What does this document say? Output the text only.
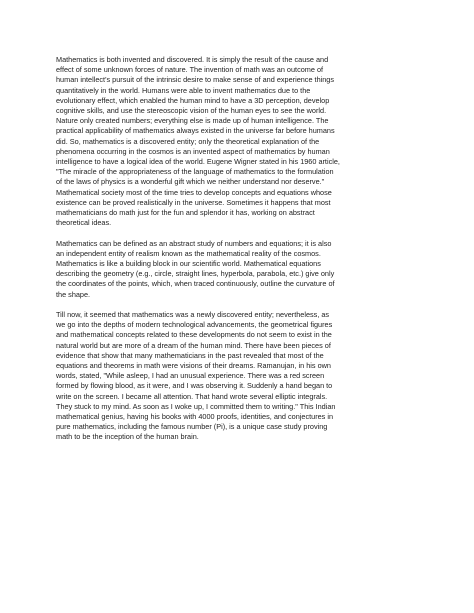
Mathematics is both invented and discovered. It is simply the result of the cause and
effect of some unknown forces of nature. The invention of math was an outcome of
human intellect's pursuit of the intrinsic desire to make sense of and experience things
quantitatively in the world. Humans were able to invent mathematics due to the
evolutionary effect, which enabled the human mind to have a 3D perception, develop
cognitive skills, and use the stereoscopic vision of the human eyes to see the world.
Nature only created numbers; everything else is made up of human intelligence. The
practical applicability of mathematics always existed in the universe far before humans
did. So, mathematics is a discovered entity; only the theoretical explanation of the
phenomena occurring in the cosmos is an invented aspect of mathematics by human
intelligence to have a logical idea of the world. Eugene Wigner stated in his 1960 article,
"The miracle of the appropriateness of the language of mathematics to the formulation
of the laws of physics is a wonderful gift which we neither understand nor deserve."
Mathematical society most of the time tries to develop concepts and equations whose
existence can be proved realistically in the universe. Sometimes it happens that most
mathematicians do math just for the fun and splendor it has, working on abstract
theoretical ideas.

Mathematics can be defined as an abstract study of numbers and equations; it is also
an independent entity of realism known as the mathematical reality of the cosmos.
Mathematics is like a building block in our scientific world. Mathematical equations
describing the geometry (e.g., circle, straight lines, hyperbola, parabola, etc.) give only
the coordinates of the points, which, when traced continuously, outline the curvature of
the shape.

Till now, it seemed that mathematics was a newly discovered entity; nevertheless, as
we go into the depths of modern technological advancements, the geometrical figures
and mathematical concepts related to these developments do not seem to exist in the
natural world but are more of a dream of the human mind. There have been pieces of
evidence that show that many mathematicians in the past revealed that most of the
equations and theorems in math were visions of their dreams. Ramanujan, in his own
words, stated, "While asleep, I had an unusual experience. There was a red screen
formed by flowing blood, as it were, and I was observing it. Suddenly a hand began to
write on the screen. I became all attention. That hand wrote several elliptic integrals.
They stuck to my mind. As soon as I woke up, I committed them to writing." This Indian
mathematical genius, having his books with 4000 proofs, identities, and conjectures in
pure mathematics, including the famous number (Pi), is a unique case study proving
math to be the inception of the human brain.
